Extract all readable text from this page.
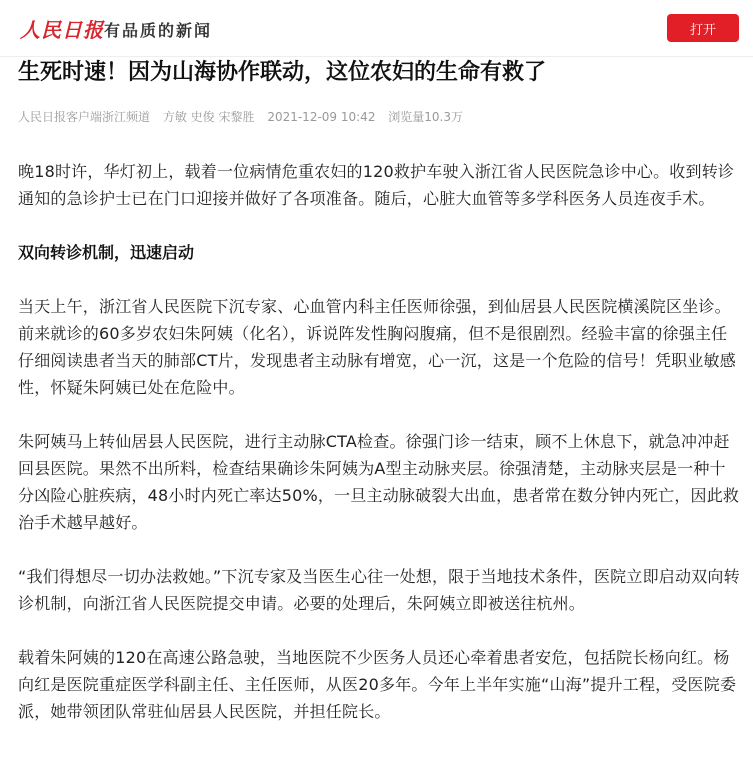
人民日报 有品质的新闻	打开
生死时速！因为山海协作联动，这位农妇的生命有救了
人民日报客户端浙江频道 方敏 史俊 宋黎胜 2021-12-09 10:42 浏览量10.3万

晚18时许，华灯初上，载着一位病情危重农妇的120救护车驶入浙江省人民医院急诊中心。收到转诊通知的急诊护士已在门口迎接并做好了各项准备。随后，心脏大血管等多学科医务人员连夜手术。

双向转诊机制，迅速启动

当天上午，浙江省人民医院下沉专家、心血管内科主任医师徐强，到仙居县人民医院横溪院区坐诊。前来就诊的60多岁农妇朱阿姨（化名），诉说阵发性胸闷腹痛，但不是很剧烈。经验丰富的徐强主任仔细阅读患者当天的肺部CT片，发现患者主动脉有增宽，心一沉，这是一个危险的信号！凭职业敏感性，怀疑朱阿姨已处在危险中。

朱阿姨马上转仙居县人民医院，进行主动脉CTA检查。徐强门诊一结束，顾不上休息下，就急冲冲赶回县医院。果然不出所料，检查结果确诊朱阿姨为A型主动脉夹层。徐强清楚，主动脉夹层是一种十分凶险心脏疾病，48小时内死亡率达50%，一旦主动脉破裂大出血，患者常在数分钟内死亡，因此救治手术越早越好。

“我们得想尽一切办法救她。”下沉专家及当医生心往一处想，限于当地技术条件，医院立即启动双向转诊机制，向浙江省人民医院提交申请。必要的处理后，朱阿姨立即被送往杭州。

载着朱阿姨的120在高速公路急驶，当地医院不少医务人员还心牵着患者安危，包括院长杨向红。杨向红是医院重症医学科副主任、主任医师，从医20多年。今年上半年实施“山海”提升工程，受医院委派，她带领团队常驻仙居县人民医院，并担任院长。
